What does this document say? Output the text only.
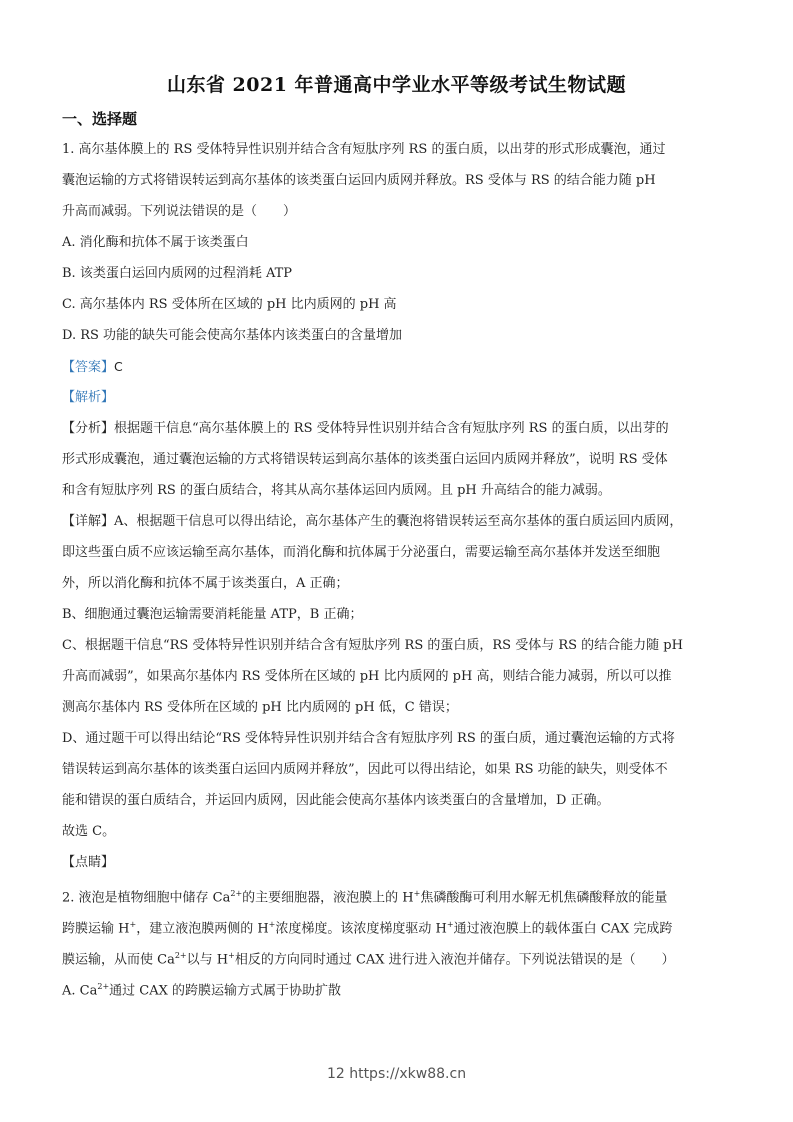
山东省 2021 年普通高中学业水平等级考试生物试题
一、选择题
1. 高尔基体膜上的 RS 受体特异性识别并结合含有短肽序列 RS 的蛋白质，以出芽的形式形成囊泡，通过
囊泡运输的方式将错误转运到高尔基体的该类蛋白运回内质网并释放。RS 受体与 RS 的结合能力随 pH
升高而减弱。下列说法错误的是（　　）
A. 消化酶和抗体不属于该类蛋白
B. 该类蛋白运回内质网的过程消耗 ATP
C. 高尔基体内 RS 受体所在区域的 pH 比内质网的 pH 高
D. RS 功能的缺失可能会使高尔基体内该类蛋白的含量增加
【答案】C
【解析】
【分析】根据题干信息“高尔基体膜上的 RS 受体特异性识别并结合含有短肽序列 RS 的蛋白质，以出芽的
形式形成囊泡，通过囊泡运输的方式将错误转运到高尔基体的该类蛋白运回内质网并释放”，说明 RS 受体
和含有短肽序列 RS 的蛋白质结合，将其从高尔基体运回内质网。且 pH 升高结合的能力减弱。
【详解】A、根据题干信息可以得出结论，高尔基体产生的囊泡将错误转运至高尔基体的蛋白质运回内质网，
即这些蛋白质不应该运输至高尔基体，而消化酶和抗体属于分泌蛋白，需要运输至高尔基体并发送至细胞
外，所以消化酶和抗体不属于该类蛋白，A 正确；
B、细胞通过囊泡运输需要消耗能量 ATP，B 正确；
C、根据题干信息“RS 受体特异性识别并结合含有短肽序列 RS 的蛋白质，RS 受体与 RS 的结合能力随 pH
升高而减弱”，如果高尔基体内 RS 受体所在区域的 pH 比内质网的 pH 高，则结合能力减弱，所以可以推
测高尔基体内 RS 受体所在区域的 pH 比内质网的 pH 低，C 错误；
D、通过题干可以得出结论“RS 受体特异性识别并结合含有短肽序列 RS 的蛋白质，通过囊泡运输的方式将
错误转运到高尔基体的该类蛋白运回内质网并释放”，因此可以得出结论，如果 RS 功能的缺失，则受体不
能和错误的蛋白质结合，并运回内质网，因此能会使高尔基体内该类蛋白的含量增加，D 正确。
故选 C。
【点睛】
2. 液泡是植物细胞中储存 $Ca^{2+}$的主要细胞器，液泡膜上的 H+焦磷酸酶可利用水解无机焦磷酸释放的能量
跨膜运输 H+，建立液泡膜两侧的 H+浓度梯度。该浓度梯度驱动 H+通过液泡膜上的载体蛋白 CAX 完成跨
膜运输，从而使 $Ca^{2+}$以与 H+相反的方向同时通过 CAX 进行进入液泡并储存。下列说法错误的是（　　）
A. $Ca^{2+}$通过 CAX 的跨膜运输方式属于协助扩散
12 https://xkw88.cn
